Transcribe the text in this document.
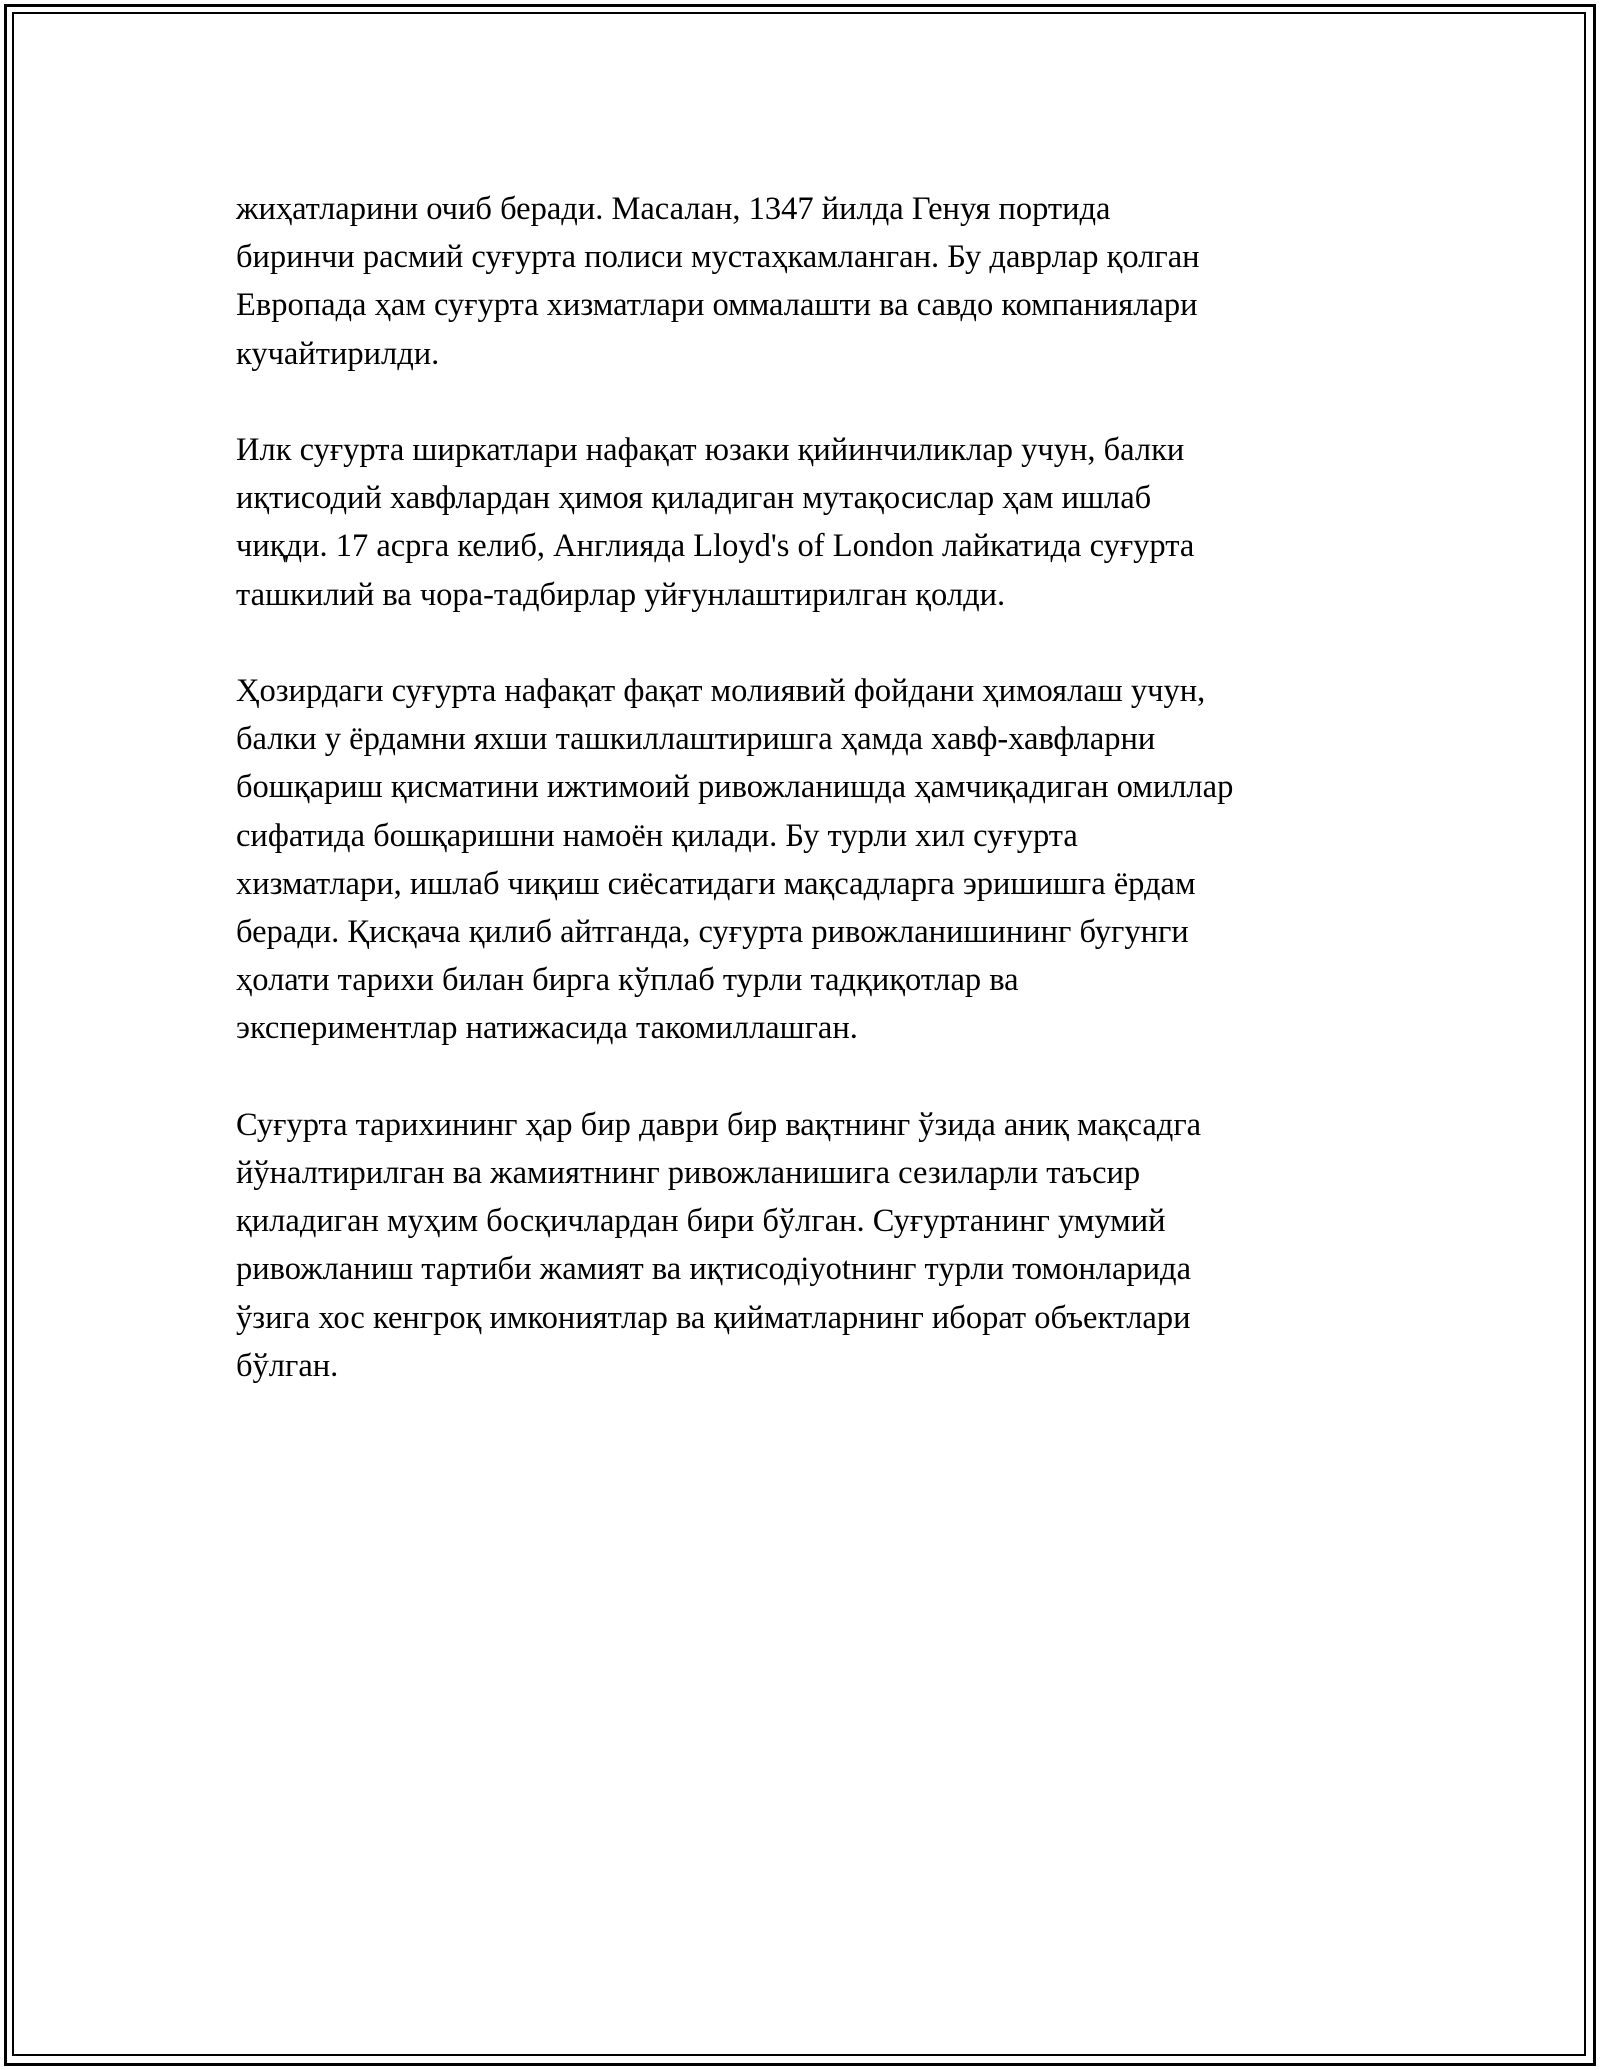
жиҳатларини очиб беради. Масалан, 1347 йилда Генуя портида
биринчи расмий суғурта полиси мустаҳкамланган. Бу даврлар қолган
Европада ҳам суғурта хизматлари оммалашти ва савдо компаниялари
кучайтирилди.

Илк суғурта ширкатлари нафақат юзаки қийинчиликлар учун, балки
иқтисодий хавфлардан ҳимоя қиладиган мутақосислар ҳам ишлаб
чиқди. 17 асрга келиб, Англияда Lloyd's of London лайкатида суғурта
ташкилий ва чора-тадбирлар уйғунлаштирилган қолди.

Ҳозирдаги суғурта нафақат фақат молиявий фойдани ҳимоялаш учун,
балки у ёрдамни яхши ташкиллаштиришга ҳамда хавф-хавфларни
бошқариш қисматини ижтимоий ривожланишда ҳамчиқадиган омиллар
сифатида бошқаришни намоён қилади. Бу турли хил суғурта
хизматлари, ишлаб чиқиш сиёсатидаги мақсадларга эришишга ёрдам
беради. Қисқача қилиб айтганда, суғурта ривожланишининг бугунги
ҳолати тарихи билан бирга кўплаб турли тадқиқотлар ва
экспериментлар натижасида такомиллашган.

Суғурта тарихининг ҳар бир даври бир вақтнинг ўзида аниқ мақсадга
йўналтирилган ва жамиятнинг ривожланишига сезиларли таъсир
қиладиган муҳим босқичлардан бири бўлган. Суғуртанинг умумий
ривожланиш тартиби жамият ва иқтисодiyotнинг турли томонларида
ўзига хос кенгроқ имкониятлар ва қийматларнинг иборат объектлари
бўлган.
